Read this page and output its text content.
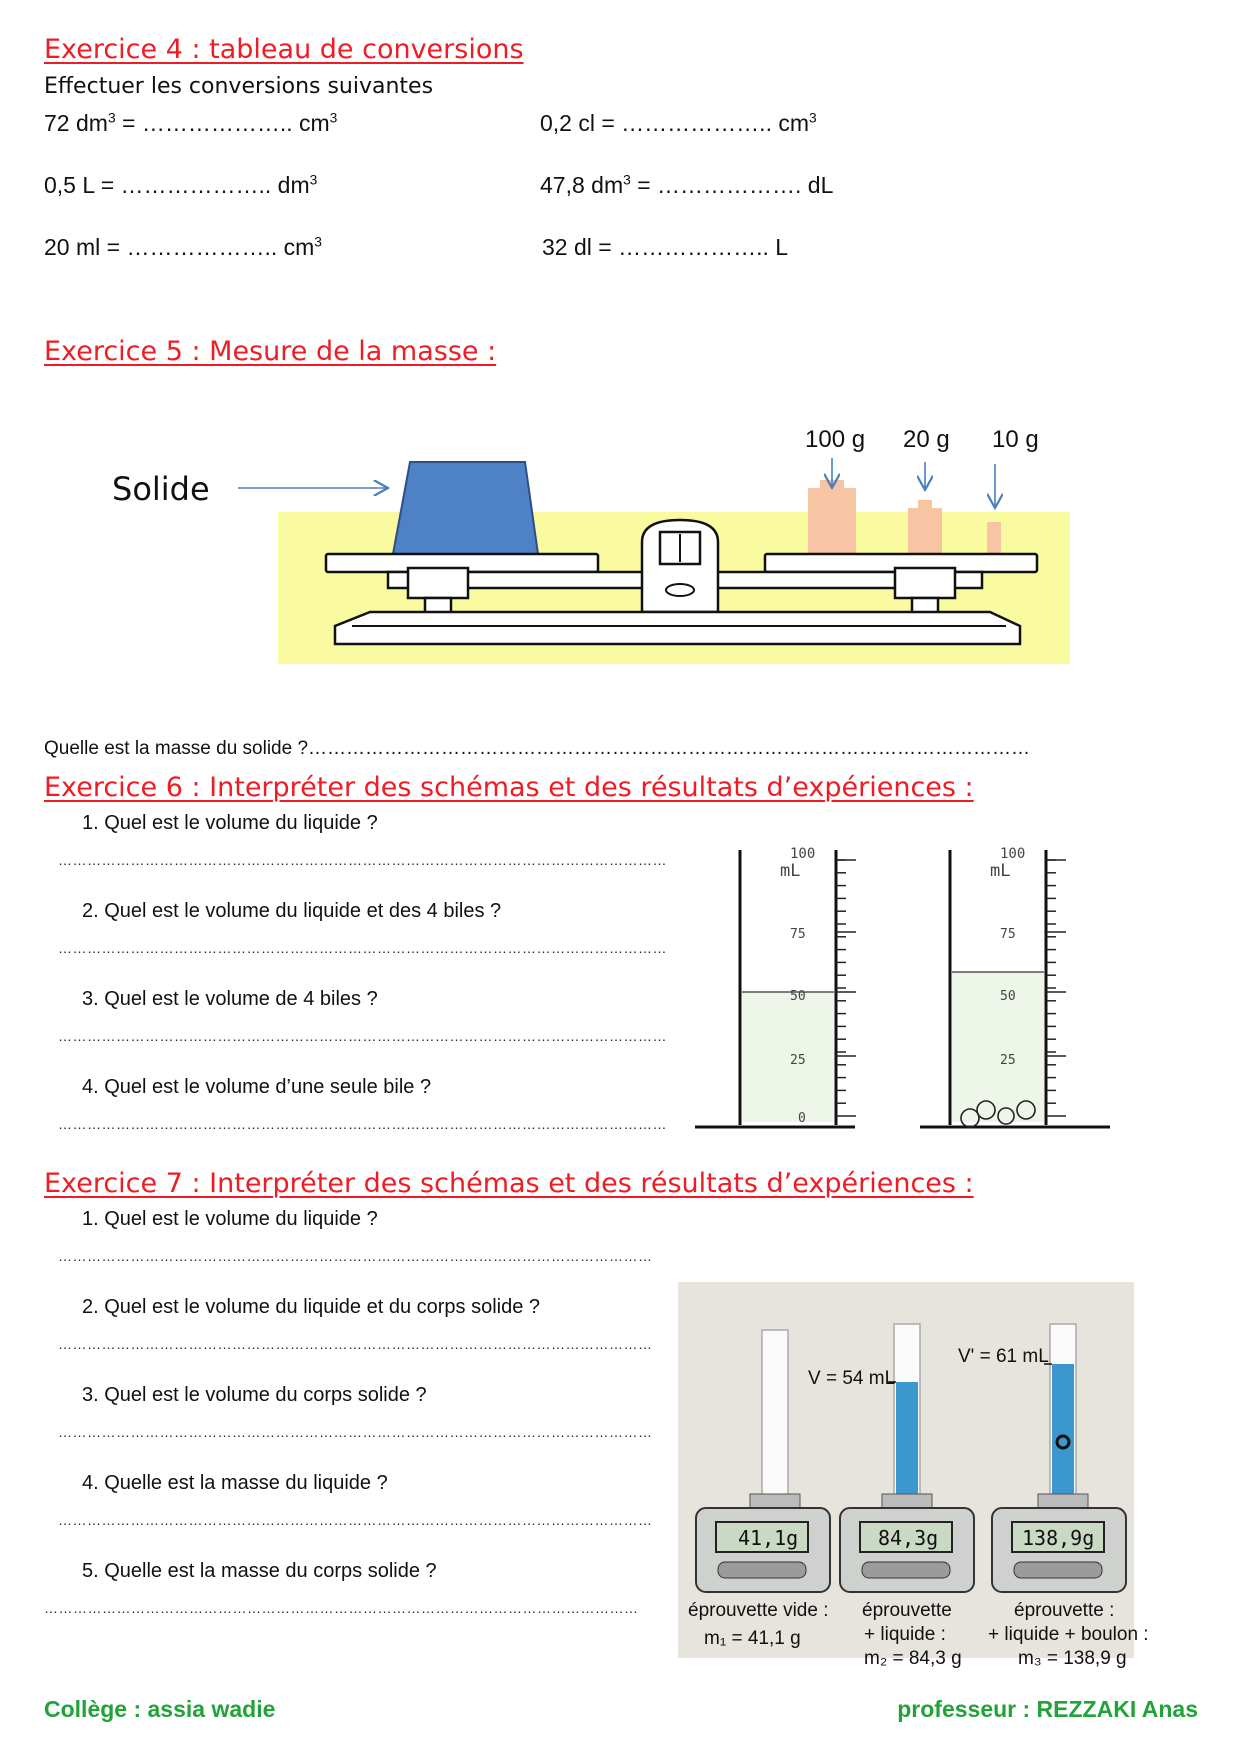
Exercice 4 : tableau de conversions
Effectuer les conversions suivantes
72 $dm^3$ = ……………….. $cm^3$	0,2 cl = ……………….. $cm^3$
0,5 L = ……………….. $dm^3$	47,8 $dm^3$ = ………………. dL
20 ml = ……………….. $cm^3$	32 dl = ……………….. L
Exercice 5 : Mesure de la masse :
Solide
100 g 20 g 10 g
Quelle est la masse du solide ?……………………………………………………………………………………………………
Exercice 6 : Interpréter des schémas et des résultats d’expériences :
1. Quel est le volume du liquide ?
………………………………………………………………………………………………………………
2. Quel est le volume du liquide et des 4 biles ?
………………………………………………………………………………………………………………
3. Quel est le volume de 4 biles ?
………………………………………………………………………………………………………………
4. Quel est le volume d’une seule bile ?
………………………………………………………………………………………………………………
100
mL
75
50
25
0
100
mL
75
50
25
Exercice 7 : Interpréter des schémas et des résultats d’expériences :
1. Quel est le volume du liquide ?
……………………………………………………………………………………………………………
2. Quel est le volume du liquide et du corps solide ?
……………………………………………………………………………………………………………
3. Quel est le volume du corps solide ?
……………………………………………………………………………………………………………
4. Quelle est la masse du liquide ?
……………………………………………………………………………………………………………
5. Quelle est la masse du corps solide ?
……………………………………………………………………………………………………………
V = 54 mL
V' = 61 mL
41,1g	84,3g	138,9g
éprouvette vide :
m₁ = 41,1 g
éprouvette
+ liquide :
m₂ = 84,3 g
éprouvette :
+ liquide + boulon :
m₃ = 138,9 g
Collège : assia wadie	professeur : REZZAKI Anas
